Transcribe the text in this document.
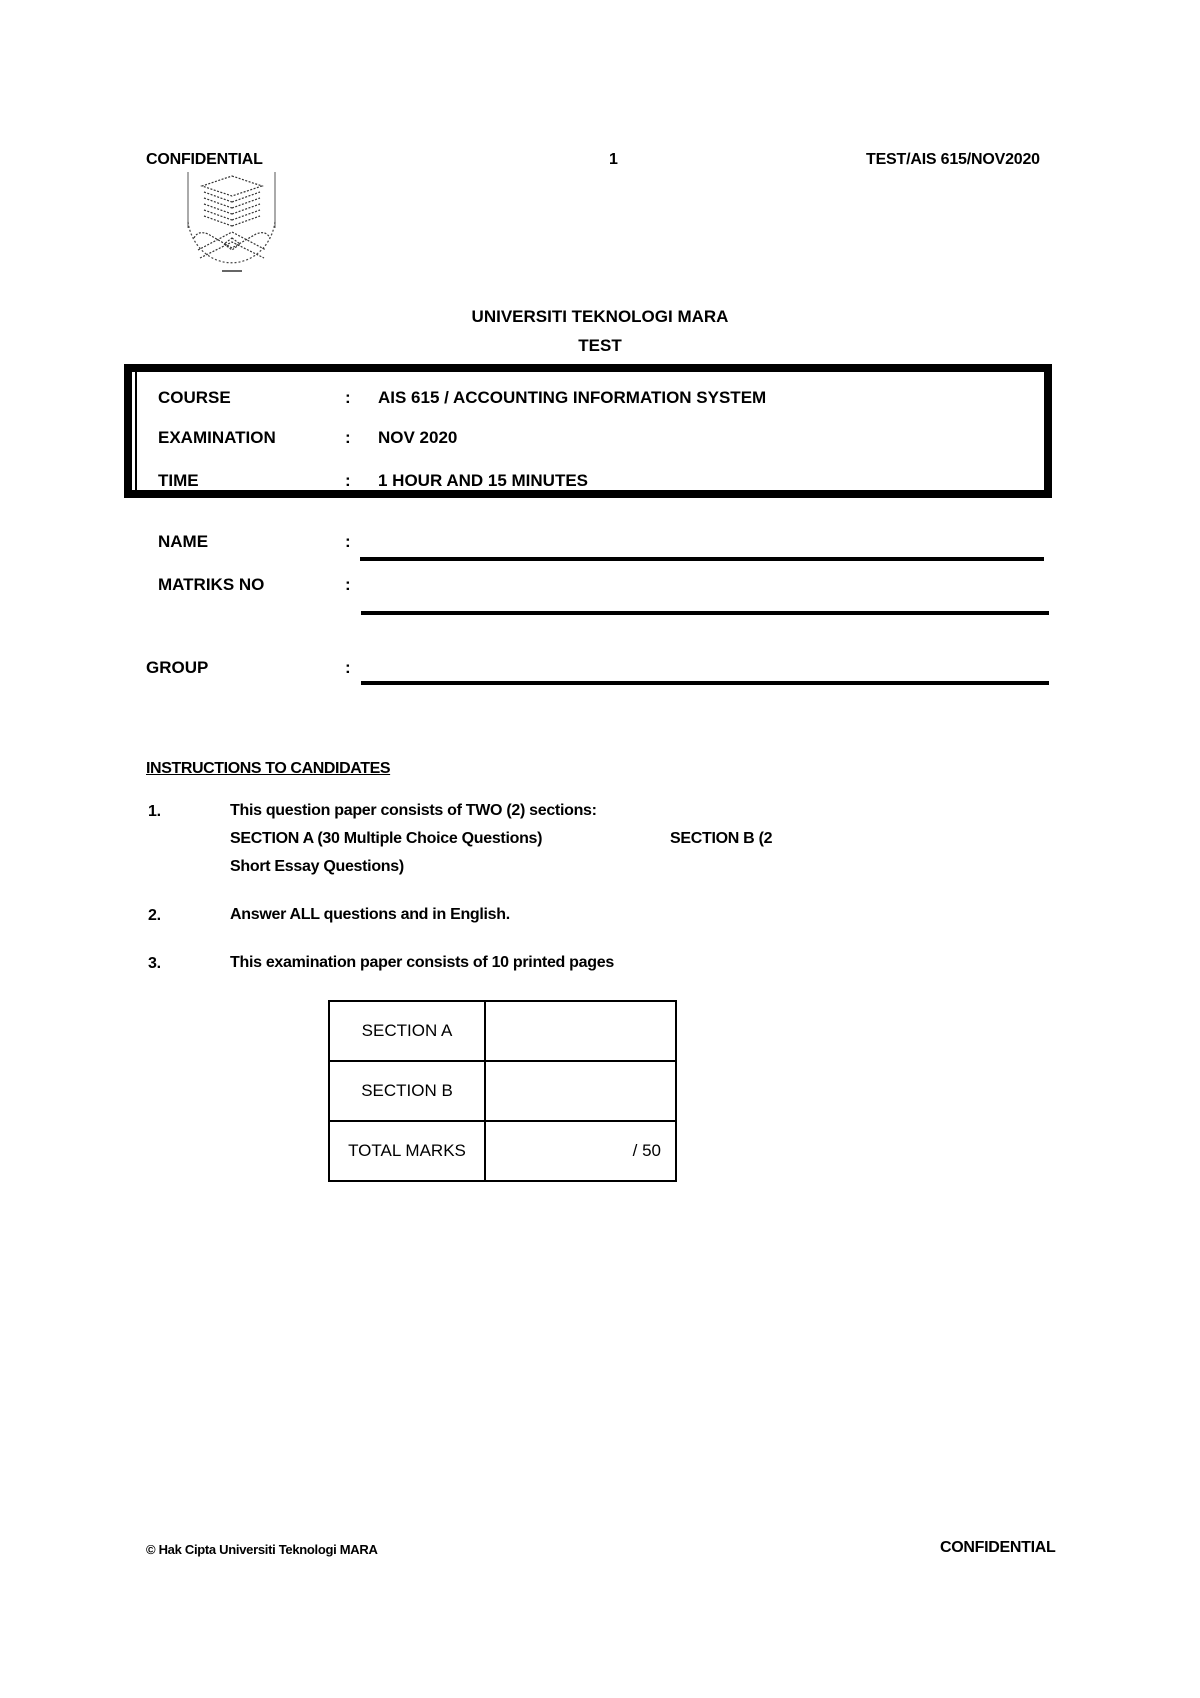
CONFIDENTIAL	1	TEST/AIS 615/NOV2020
UNIVERSITI TEKNOLOGI MARA
TEST
COURSE	: AIS 615 / ACCOUNTING INFORMATION SYSTEM
EXAMINATION	: NOV 2020
TIME	: 1 HOUR AND 15 MINUTES
NAME	:
MATRIKS NO	:
GROUP	:
INSTRUCTIONS TO CANDIDATES
1.	This question paper consists of TWO (2) sections:
SECTION A (30 Multiple Choice Questions)	SECTION B (2
Short Essay Questions)
2.	Answer ALL questions and in English.
3.	This examination paper consists of 10 printed pages
SECTION A	
SECTION B	
TOTAL MARKS	/ 50
© Hak Cipta Universiti Teknologi MARA	CONFIDENTIAL
